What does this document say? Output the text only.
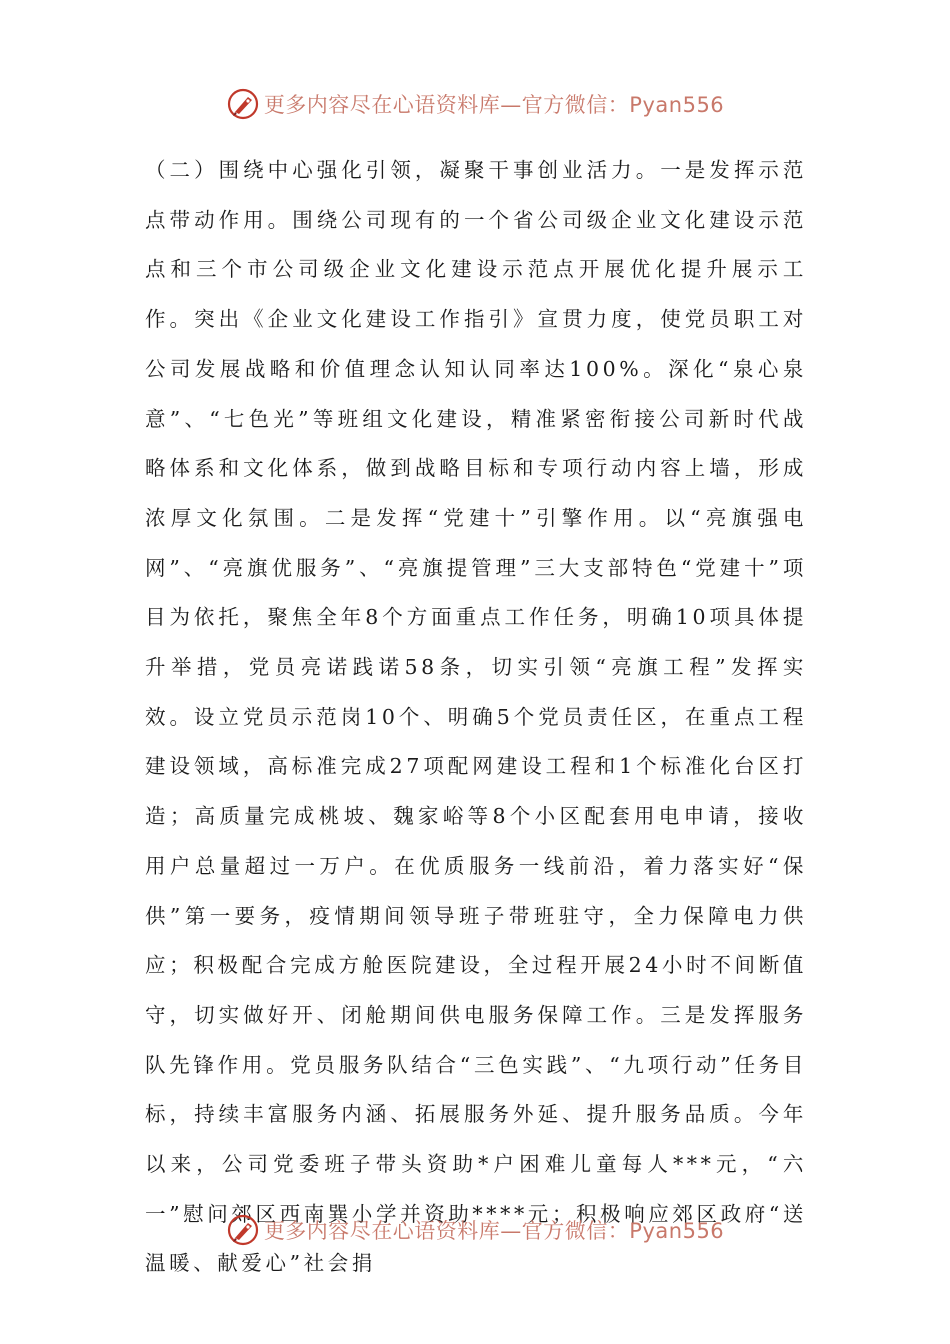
更多内容尽在心语资料库—官方微信：Pyan556

（二）围绕中心强化引领，凝聚干事创业活力。一是发挥示范点带动作用。围绕公司现有的一个省公司级企业文化建设示范点和三个市公司级企业文化建设示范点开展优化提升展示工作。突出《企业文化建设工作指引》宣贯力度，使党员职工对公司发展战略和价值理念认知认同率达100%。深化“泉心泉意”、“七色光”等班组文化建设，精准紧密衔接公司新时代战略体系和文化体系，做到战略目标和专项行动内容上墙，形成浓厚文化氛围。二是发挥“党建十”引擎作用。以“亮旗强电网”、“亮旗优服务”、“亮旗提管理”三大支部特色“党建十”项目为依托，聚焦全年8个方面重点工作任务，明确10项具体提升举措，党员亮诺践诺58条，切实引领“亮旗工程”发挥实效。设立党员示范岗10个、明确5个党员责任区，在重点工程建设领域，高标准完成27项配网建设工程和1个标准化台区打造；高质量完成桃坡、魏家峪等8个小区配套用电申请，接收用户总量超过一万户。在优质服务一线前沿，着力落实好“保供”第一要务，疫情期间领导班子带班驻守，全力保障电力供应；积极配合完成方舱医院建设，全过程开展24小时不间断值守，切实做好开、闭舱期间供电服务保障工作。三是发挥服务队先锋作用。党员服务队结合“三色实践”、“九项行动”任务目标，持续丰富服务内涵、拓展服务外延、提升服务品质。今年以来，公司党委班子带头资助*户困难儿童每人***元，“六一”慰问郊区西南巽小学并资助****元；积极响应郊区政府“送温暖、献爱心”社会捐

更多内容尽在心语资料库—官方微信：Pyan556
